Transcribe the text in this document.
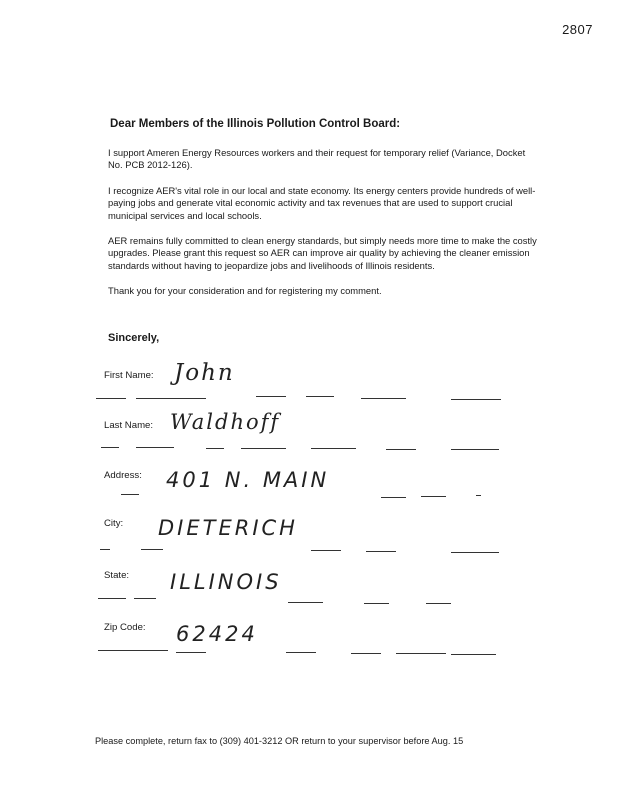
2807
Dear Members of the Illinois Pollution Control Board:

I support Ameren Energy Resources workers and their request for temporary relief (Variance, Docket No. PCB 2012-126).

I recognize AER's vital role in our local and state economy. Its energy centers provide hundreds of well-paying jobs and generate vital economic activity and tax revenues that are used to support crucial municipal services and local schools.

AER remains fully committed to clean energy standards, but simply needs more time to make the costly upgrades. Please grant this request so AER can improve air quality by achieving the cleaner emission standards without having to jeopardize jobs and livelihoods of Illinois residents.

Thank you for your consideration and for registering my comment.

Sincerely,
First Name: John
Last Name: Waldhoff
Address: 401 N. MAIN
City: DIETERICH
State: ILLINOIS
Zip Code: 62424
Please complete, return fax to (309) 401-3212 OR return to your supervisor before Aug. 15
